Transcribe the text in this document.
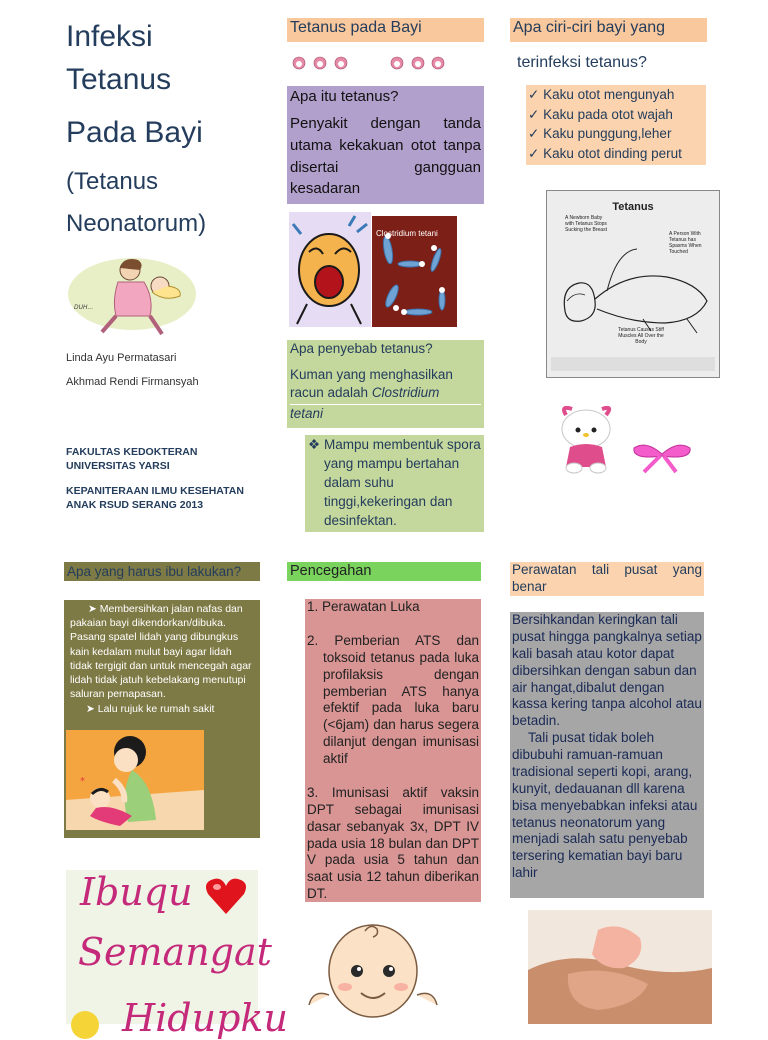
Infeksi
Tetanus
Pada Bayi
(Tetanus
Neonatorum)
DUH...
Linda Ayu Permatasari
Akhmad Rendi Firmansyah
FAKULTAS KEDOKTERAN
UNIVERSITAS YARSI
KEPANITERAAN ILMU KESEHATAN
ANAK RSUD SERANG 2013
Apa yang harus ibu lakukan?
➤ Membersihkan jalan nafas dan pakaian bayi dikendorkan/dibuka. Pasang spatel lidah yang dibungkus kain kedalam mulut bayi agar lidah tidak tergigit dan untuk mencegah agar lidah tidak jatuh kebelakang menutupi saluran pernapasan.
➤ Lalu rujuk ke rumah sakit
*
Ibuqu
Semangat
Hidupku
Tetanus pada Bayi
Apa itu tetanus?
Penyakit dengan tanda utama kekakuan otot tanpa disertai gangguan kesadaran
Clostridium tetani
Apa penyebab tetanus?
Kuman yang menghasilkan racun adalah Clostridium
tetani
❖ Mampu membentuk spora yang mampu bertahan dalam suhu tinggi,kekeringan dan desinfektan.
Pencegahan
1. Perawatan Luka
2. Pemberian ATS dan toksoid tetanus pada luka profilaksis dengan pemberian ATS hanya efektif pada luka baru (<6jam) dan harus segera dilanjut dengan imunisasi aktif
3. Imunisasi aktif vaksin DPT sebagai imunisasi dasar sebanyak 3x, DPT IV pada usia 18 bulan dan DPT V pada usia 5 tahun dan saat usia 12 tahun diberikan DT.
Apa ciri-ciri bayi yang
terinfeksi tetanus?
✓ Kaku otot mengunyah
✓ Kaku pada otot wajah
✓ Kaku punggung,leher
✓ Kaku otot dinding perut
Tetanus
A Newborn Baby with Tetanus Stops Sucking the Breast
A Person With Tetanus has Spasms When Touched
Tetanus Causes Stiff Muscles All Over the Body
Perawatan tali pusat yang benar
Bersihkandan keringkan tali pusat hingga pangkalnya setiap kali basah atau kotor dapat dibersihkan dengan sabun dan air hangat,dibalut dengan kassa kering tanpa alcohol atau betadin.
Tali pusat tidak boleh dibubuhi ramuan-ramuan tradisional seperti kopi, arang, kunyit, dedauanan dll karena bisa menyebabkan infeksi atau tetanus neonatorum yang menjadi salah satu penyebab tersering kematian bayi baru lahir
